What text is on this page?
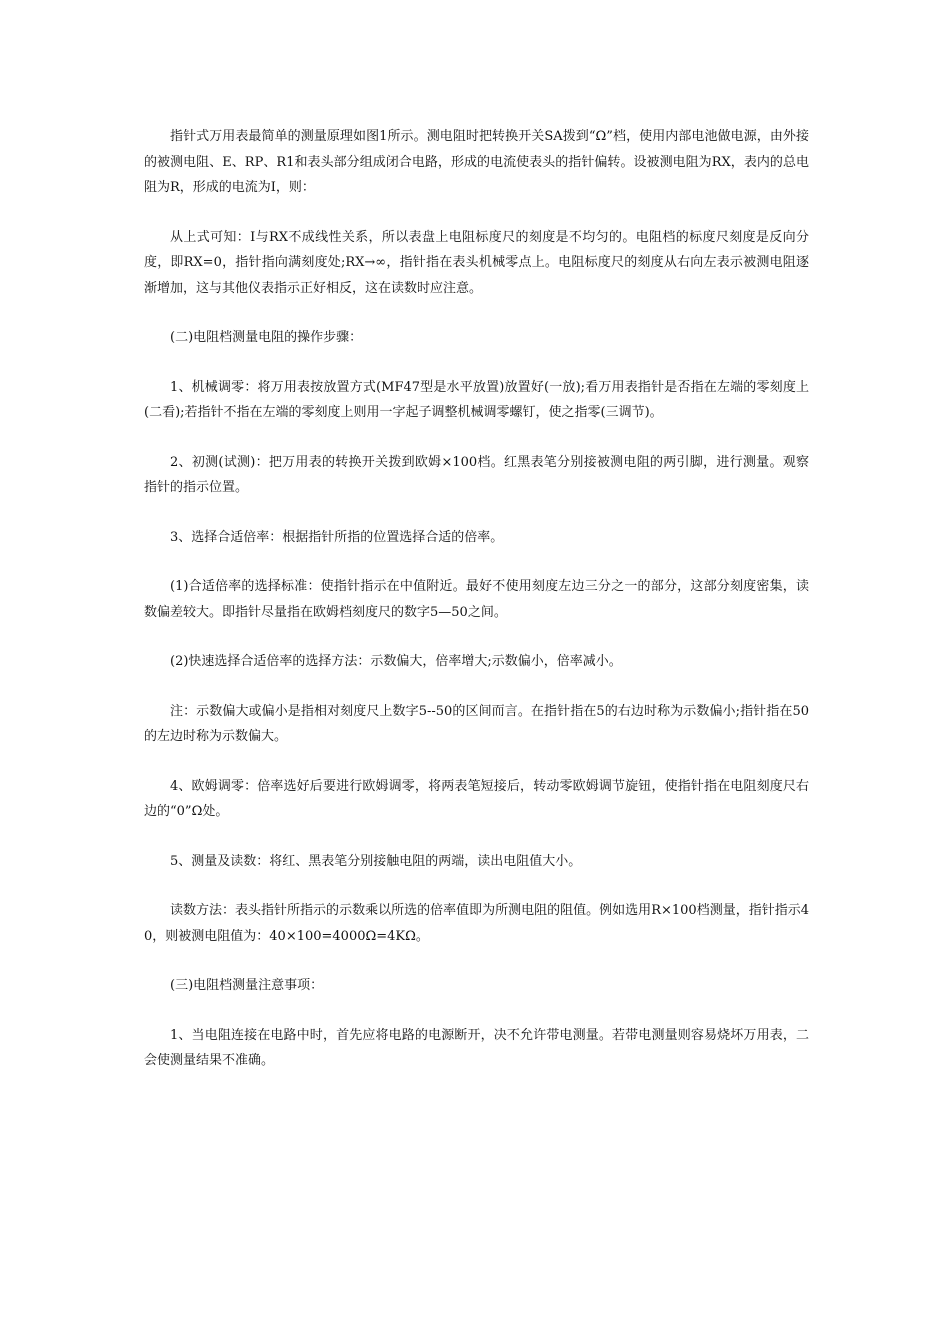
指针式万用表最简单的测量原理如图1所示。测电阻时把转换开关SA拨到“Ω”档，使用内部电池做电源，由外接的被测电阻、E、RP、R1和表头部分组成闭合电路，形成的电流使表头的指针偏转。设被测电阻为RX，表内的总电阻为R，形成的电流为I，则：

从上式可知：I与RX不成线性关系，所以表盘上电阻标度尺的刻度是不均匀的。电阻档的标度尺刻度是反向分度，即RX=0，指针指向满刻度处;RX→∞，指针指在表头机械零点上。电阻标度尺的刻度从右向左表示被测电阻逐渐增加，这与其他仪表指示正好相反，这在读数时应注意。

(二)电阻档测量电阻的操作步骤：

1、机械调零：将万用表按放置方式(MF47型是水平放置)放置好(一放);看万用表指针是否指在左端的零刻度上(二看);若指针不指在左端的零刻度上则用一字起子调整机械调零螺钉，使之指零(三调节)。

2、初测(试测)：把万用表的转换开关拨到欧姆×100档。红黑表笔分别接被测电阻的两引脚，进行测量。观察指针的指示位置。

3、选择合适倍率：根据指针所指的位置选择合适的倍率。

(1)合适倍率的选择标准：使指针指示在中值附近。最好不使用刻度左边三分之一的部分，这部分刻度密集，读数偏差较大。即指针尽量指在欧姆档刻度尺的数字5—50之间。

(2)快速选择合适倍率的选择方法：示数偏大，倍率增大;示数偏小，倍率减小。

注：示数偏大或偏小是指相对刻度尺上数字5--50的区间而言。在指针指在5的右边时称为示数偏小;指针指在50的左边时称为示数偏大。

4、欧姆调零：倍率选好后要进行欧姆调零，将两表笔短接后，转动零欧姆调节旋钮，使指针指在电阻刻度尺右边的“0”Ω处。

5、测量及读数：将红、黑表笔分别接触电阻的两端，读出电阻值大小。

读数方法：表头指针所指示的示数乘以所选的倍率值即为所测电阻的阻值。例如选用R×100档测量，指针指示40，则被测电阻值为：40×100=4000Ω=4KΩ。

(三)电阻档测量注意事项：

1、当电阻连接在电路中时，首先应将电路的电源断开，决不允许带电测量。若带电测量则容易烧坏万用表，二会使测量结果不准确。
